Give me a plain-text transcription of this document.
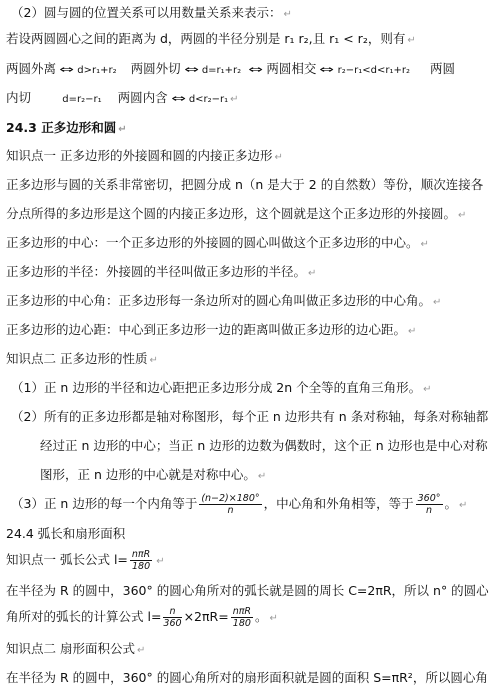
（2）圆与圆的位置关系可以用数量关系来表示： ↵
若设两圆圆心之间的距离为 d，两圆的半径分别是 r₁ r₂,且 r₁ < r₂，则有 ↵
两圆外离 ⇔ d>r₁+r₂ 两圆外切 ⇔ d=r₁+r₂ ⇔ 两圆相交 ⇔ r₂−r₁<d<r₁+r₂ 两圆
内切	d=r₂−r₁ 两圆内含 ⇔ d<r₂−r₁ ↵
24.3 正多边形和圆 ↵
知识点一 正多边形的外接圆和圆的内接正多边形 ↵
正多边形与圆的关系非常密切，把圆分成 n（n 是大于 2 的自然数）等份，顺次连接各
分点所得的多边形是这个圆的内接正多边形，这个圆就是这个正多边形的外接圆。 ↵
正多边形的中心：一个正多边形的外接圆的圆心叫做这个正多边形的中心。 ↵
正多边形的半径：外接圆的半径叫做正多边形的半径。 ↵
正多边形的中心角：正多边形每一条边所对的圆心角叫做正多边形的中心角。 ↵
正多边形的边心距：中心到正多边形一边的距离叫做正多边形的边心距。 ↵
知识点二 正多边形的性质 ↵
（1）正 n 边形的半径和边心距把正多边形分成 2n 个全等的直角三角形。 ↵
（2）所有的正多边形都是轴对称图形，每个正 n 边形共有 n 条对称轴，每条对称轴都
经过正 n 边形的中心；当正 n 边形的边数为偶数时，这个正 n 边形也是中心对称
图形，正 n 边形的中心就是对称中心。 ↵
（3）正 n 边形的每一个内角等于 $\frac{(n-2)\times 180^\circ}{n}$ ，中心角和外角相等，等于 $\frac{360^\circ}{n}$ 。 ↵
24.4 弧长和扇形面积
知识点一 弧长公式 $l= \frac{\text{nπR}}{180}$ ↵
在半径为 R 的圆中，360° 的圆心角所对的弧长就是圆的周长 C=2πR，所以 n° 的圆心
角所对的弧长的计算公式 $l= \frac{n}{360} \times 2\pi R= \frac{\text{nπR}}{180}$ 。 ↵
知识点二 扇形面积公式 ↵
在半径为 R 的圆中，360° 的圆心角所对的扇形面积就是圆的面积 S=πR²，所以圆心角
